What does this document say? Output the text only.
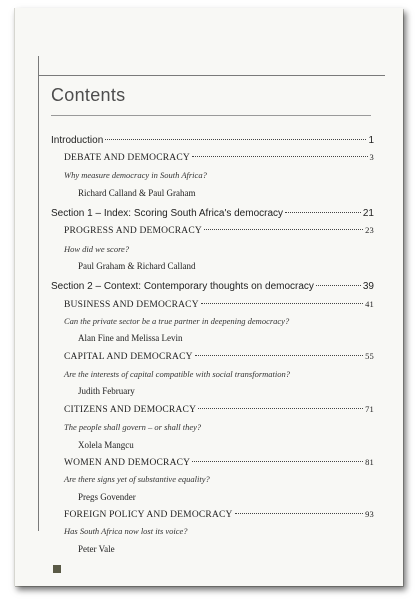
Contents
Introduction	1
DEBATE AND DEMOCRACY	3
Why measure democracy in South Africa?
Richard Calland & Paul Graham
Section 1 – Index: Scoring South Africa's democracy	21
PROGRESS AND DEMOCRACY	23
How did we score?
Paul Graham & Richard Calland
Section 2 – Context: Contemporary thoughts on democracy	39
BUSINESS AND DEMOCRACY	41
Can the private sector be a true partner in deepening democracy?
Alan Fine and Melissa Levin
CAPITAL AND DEMOCRACY	55
Are the interests of capital compatible with social transformation?
Judith February
CITIZENS AND DEMOCRACY	71
The people shall govern – or shall they?
Xolela Mangcu
WOMEN AND DEMOCRACY	81
Are there signs yet of substantive equality?
Pregs Govender
FOREIGN POLICY AND DEMOCRACY	93
Has South Africa now lost its voice?
Peter Vale
